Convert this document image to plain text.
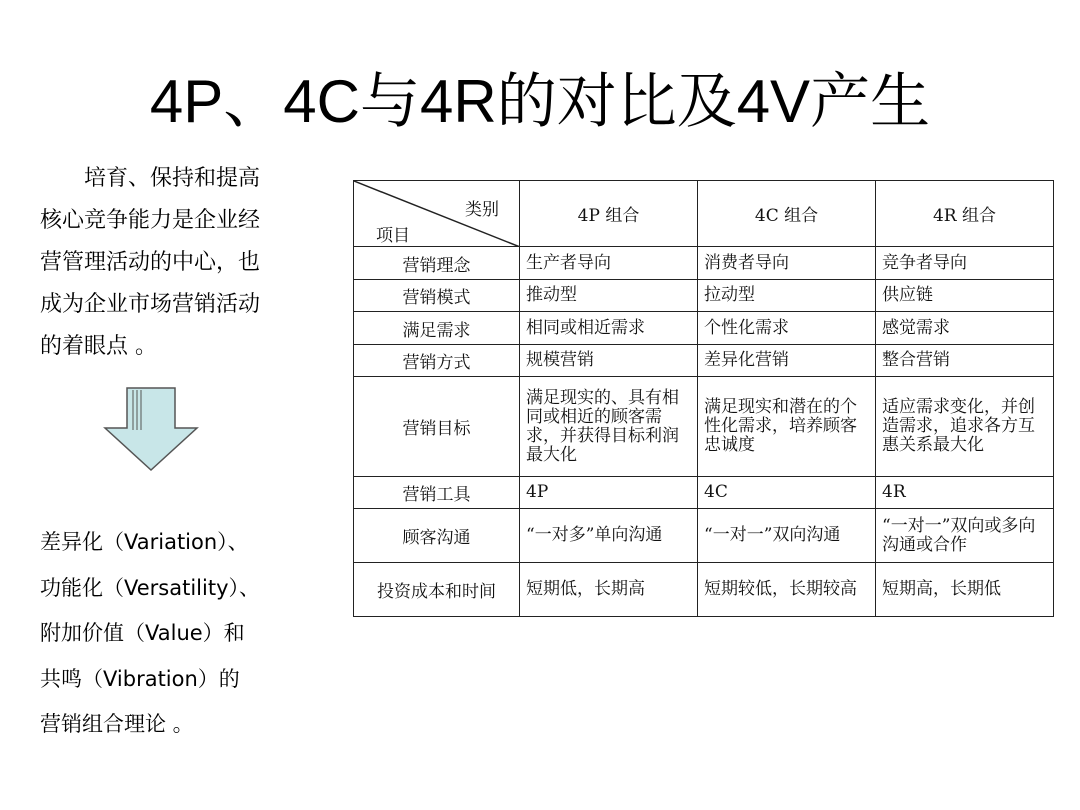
4P、4C与4R的对比及4V产生
培育、保持和提高
核心竞争能力是企业经
营管理活动的中心，也
成为企业市场营销活动
的着眼点 。
差异化（Variation）、
功能化（Versatility）、
附加价值（Value）和
共鸣（Vibration）的
营销组合理论 。
类别
项目	4P 组合	4C 组合	4R 组合
营销理念	生产者导向	消费者导向	竞争者导向
营销模式	推动型	拉动型	供应链
满足需求	相同或相近需求	个性化需求	感觉需求
营销方式	规模营销	差异化营销	整合营销
营销目标	满足现实的、具有相同或相近的顾客需求，并获得目标利润最大化	满足现实和潜在的个性化需求，培养顾客忠诚度	适应需求变化，并创造需求，追求各方互惠关系最大化
营销工具	4P	4C	4R
顾客沟通	“一对多”单向沟通	“一对一”双向沟通	“一对一”双向或多向沟通或合作
投资成本和时间	短期低，长期高	短期较低，长期较高	短期高，长期低
